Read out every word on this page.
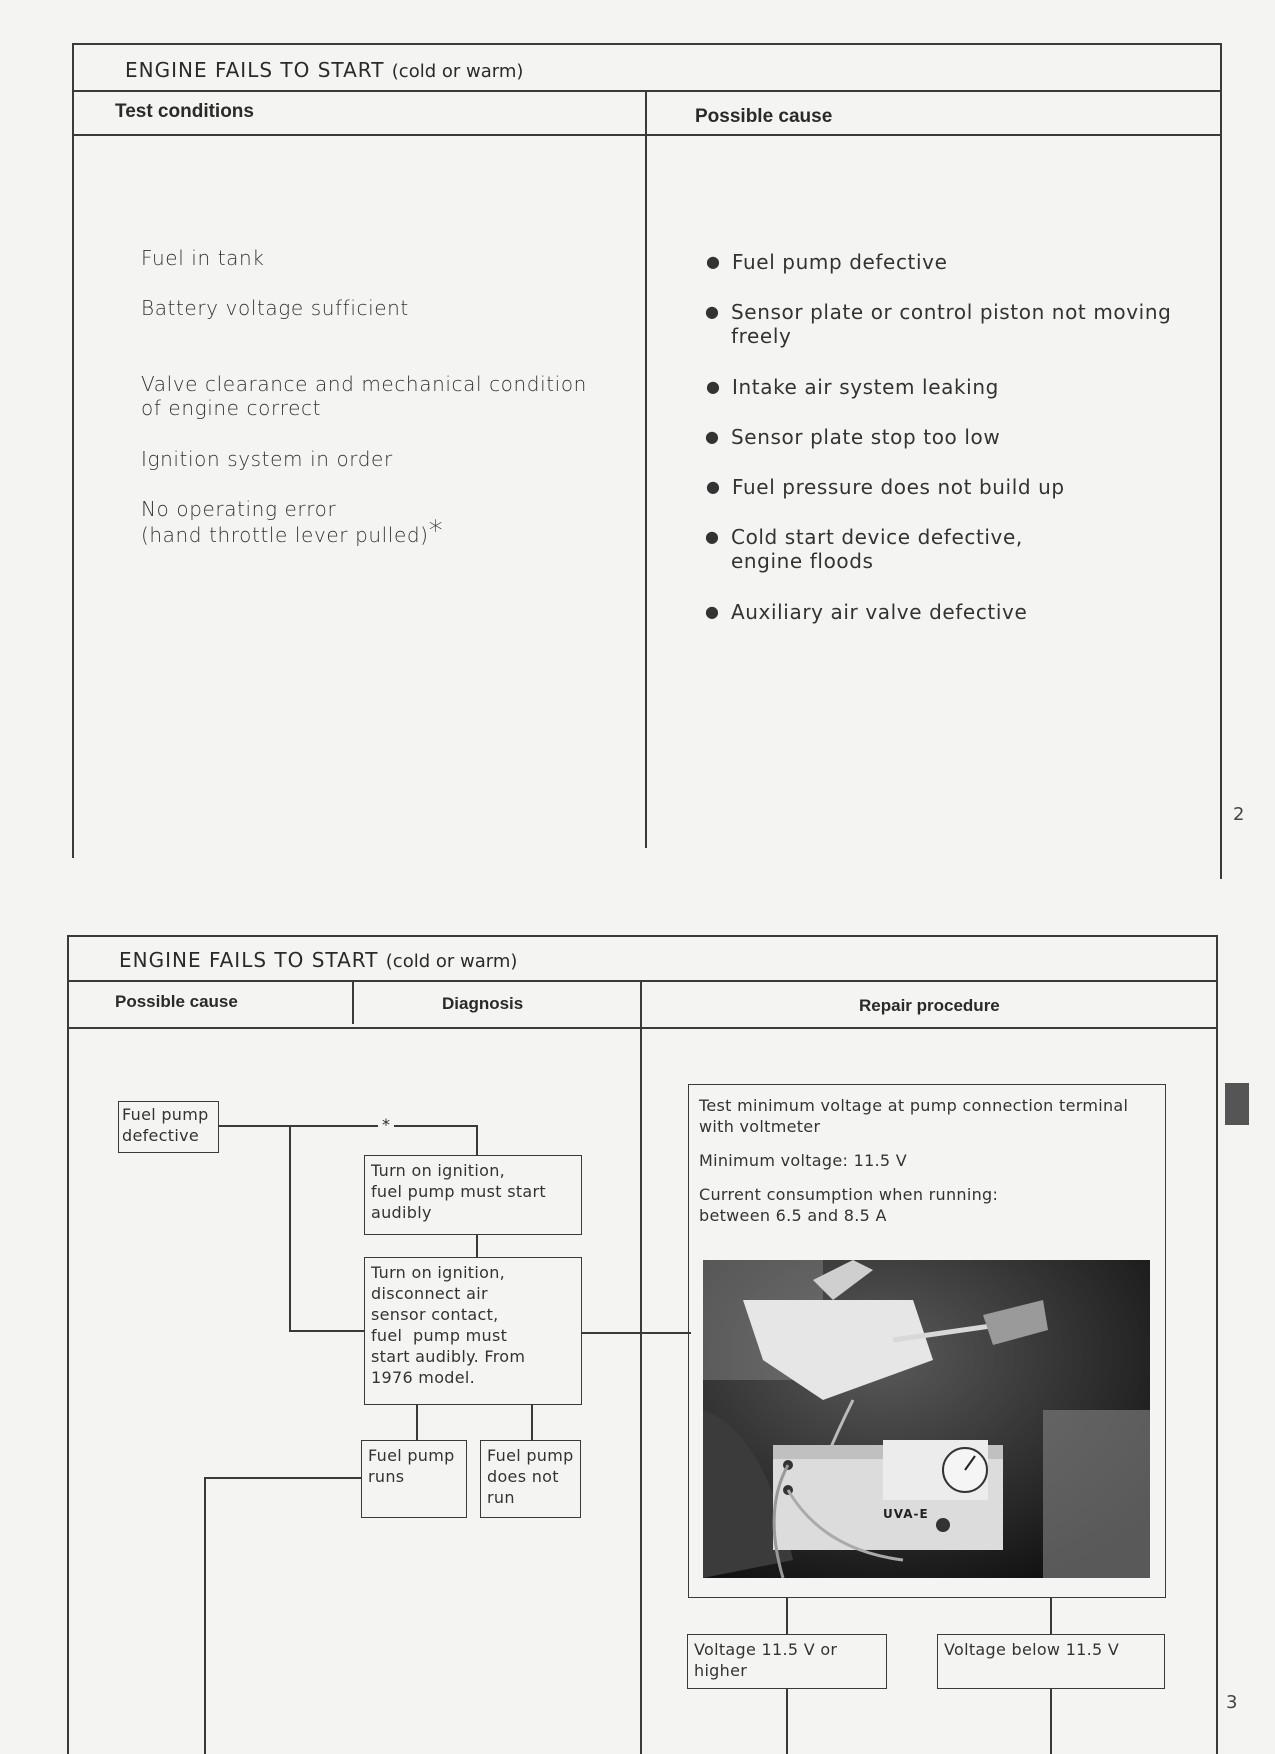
ENGINE FAILS TO START (cold or warm)
Test conditions	Possible cause
Fuel in tank
Battery voltage sufficient
Valve clearance and mechanical condition
of engine correct
Ignition system in order
No operating error
(hand throttle lever pulled)*
● Fuel pump defective
● Sensor plate or control piston not moving
freely
● Intake air system leaking
● Sensor plate stop too low
● Fuel pressure does not build up
● Cold start device defective,
engine floods
● Auxiliary air valve defective
2
ENGINE FAILS TO START (cold or warm)
Possible cause	Diagnosis	Repair procedure
*
Fuel pump
defective
Turn on ignition,
fuel pump must start
audibly
Turn on ignition,
disconnect air
sensor contact,
fuel  pump must
start audibly. From
1976 model.
Fuel pump
runs
Fuel pump
does not
run
Test minimum voltage at pump connection terminal
with voltmeter
Minimum voltage: 11.5 V
Current consumption when running:
between 6.5 and 8.5 A
UVA-E
Voltage 11.5 V or
higher
Voltage below 11.5 V
3
